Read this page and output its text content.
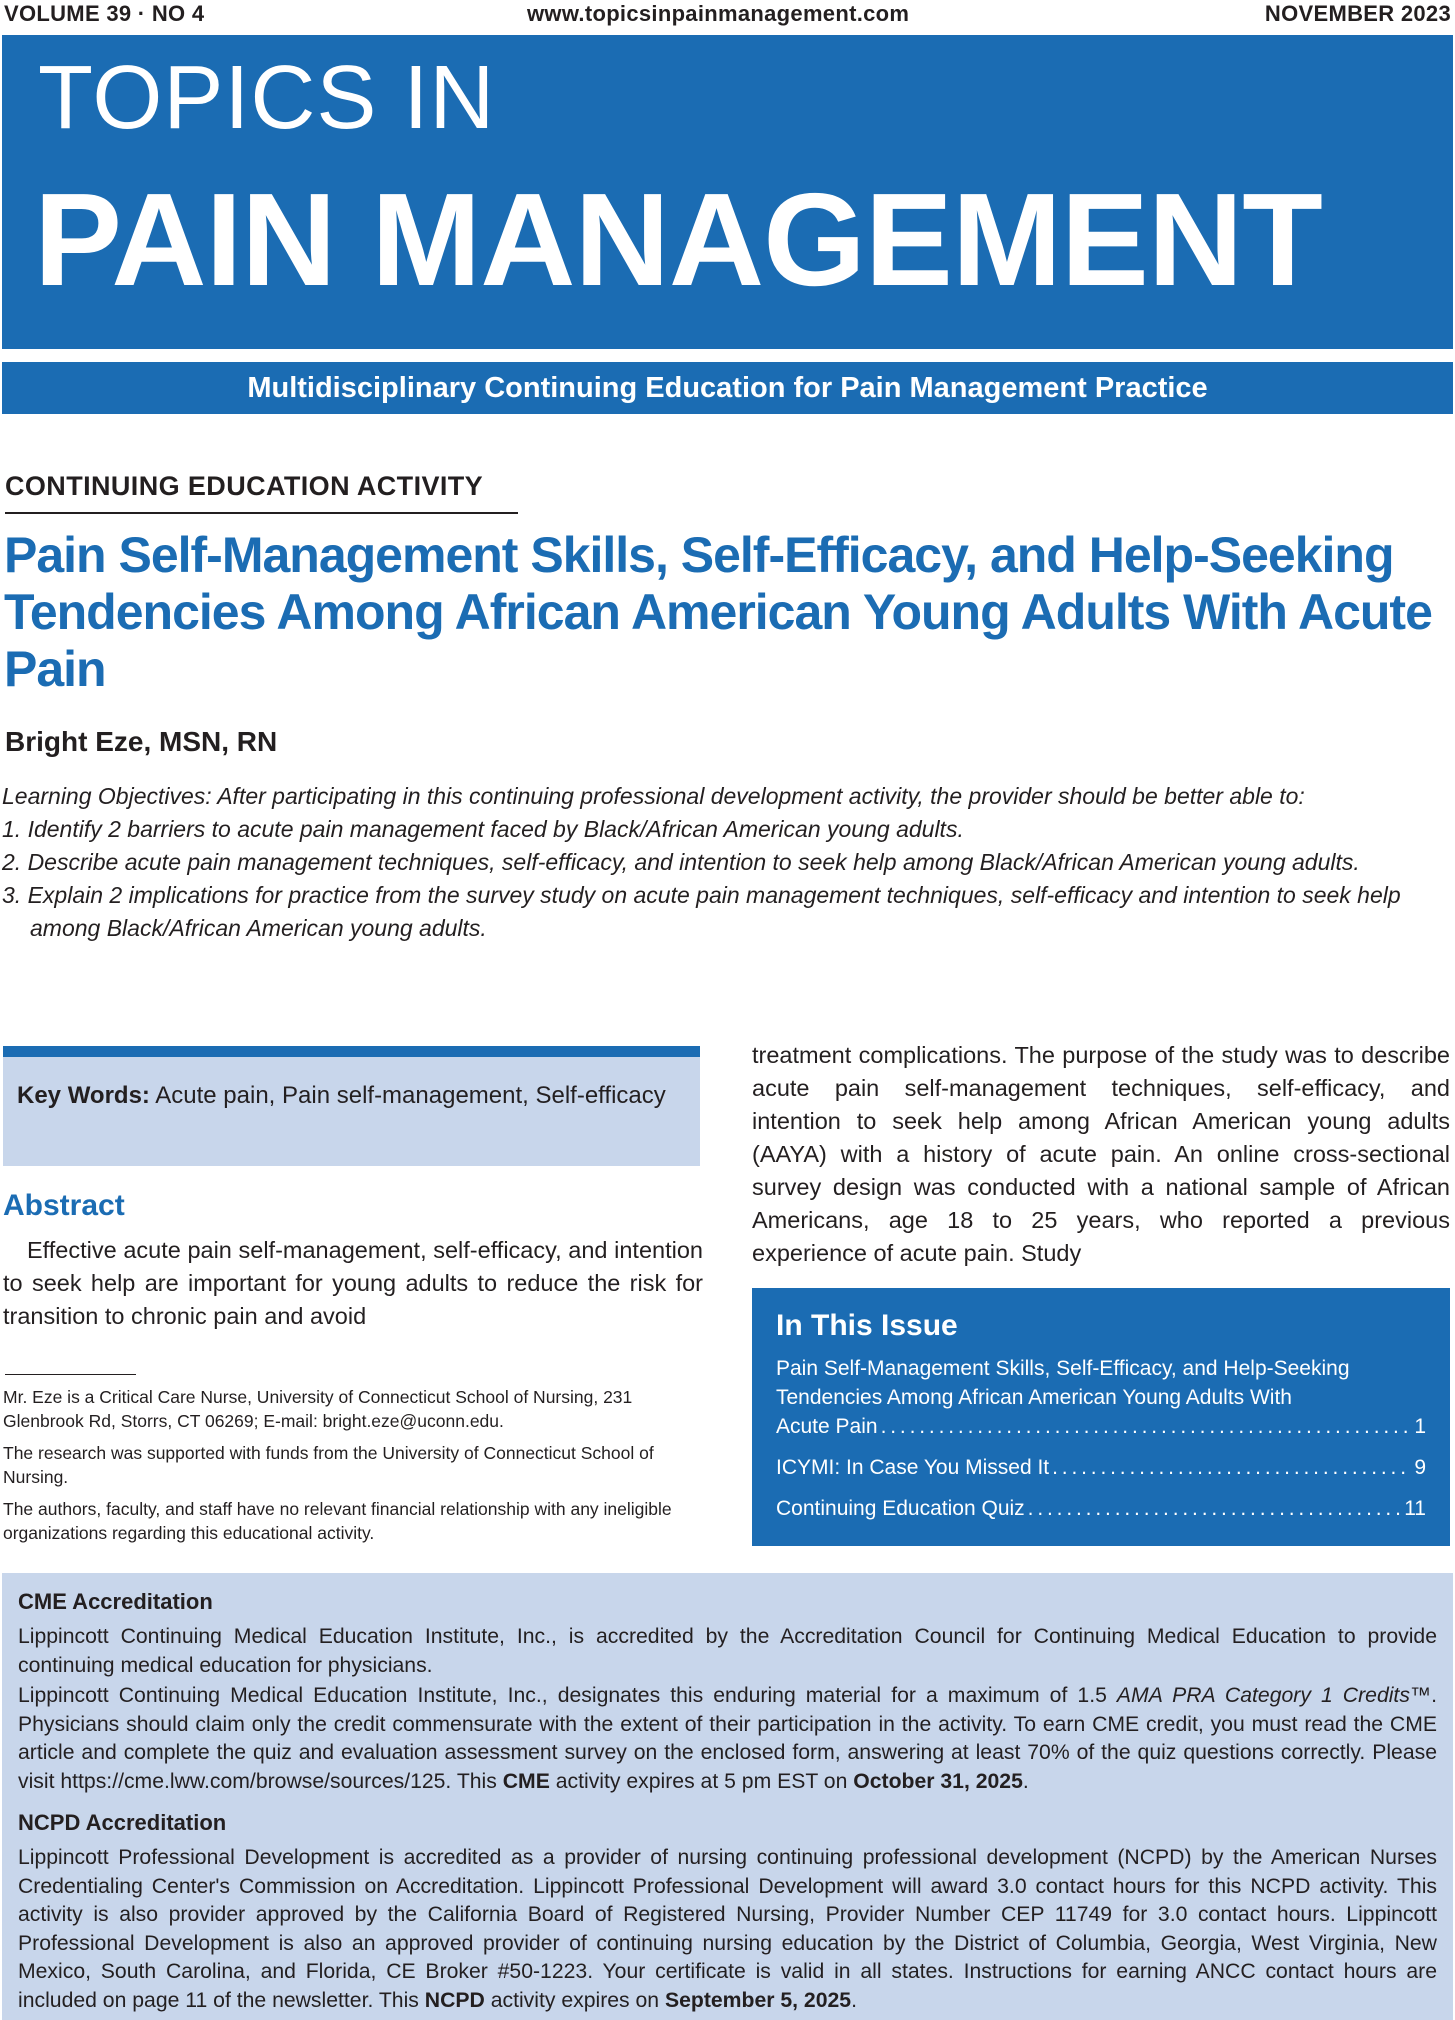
VOLUME 39 · NO 4	www.topicsinpainmanagement.com	NOVEMBER 2023
TOPICS IN
PAIN MANAGEMENT
Multidisciplinary Continuing Education for Pain Management Practice
CONTINUING EDUCATION ACTIVITY
Pain Self-Management Skills, Self-Efficacy, and Help-Seeking Tendencies Among African American Young Adults With Acute Pain
Bright Eze, MSN, RN

Learning Objectives: After participating in this continuing professional development activity, the provider should be better able to:

1. Identify 2 barriers to acute pain management faced by Black/African American young adults.
2. Describe acute pain management techniques, self-efficacy, and intention to seek help among Black/African American young adults.
3. Explain 2 implications for practice from the survey study on acute pain management techniques, self-efficacy and intention to seek help among Black/African American young adults.
Key Words: Acute pain, Pain self-management, Self-efficacy
Abstract

Effective acute pain self-management, self-efficacy, and intention to seek help are important for young adults to reduce the risk for transition to chronic pain and avoid

Mr. Eze is a Critical Care Nurse, University of Connecticut School of Nursing, 231 Glenbrook Rd, Storrs, CT 06269; E-mail: bright.eze@uconn.edu.

The research was supported with funds from the University of Connecticut School of Nursing.

The authors, faculty, and staff have no relevant financial relationship with any ineligible organizations regarding this educational activity.

treatment complications. The purpose of the study was to describe acute pain self-management techniques, self-efficacy, and intention to seek help among African American young adults (AAYA) with a history of acute pain. An online cross-sectional survey design was conducted with a national sample of African Americans, age 18 to 25 years, who reported a previous experience of acute pain. Study

In This Issue
Pain Self-Management Skills, Self-Efficacy, and Help-Seeking Tendencies Among African American Young Adults With
Acute Pain . . .	1
ICYMI: In Case You Missed It . . .	9
Continuing Education Quiz . . .	11
CME Accreditation

Lippincott Continuing Medical Education Institute, Inc., is accredited by the Accreditation Council for Continuing Medical Education to provide continuing medical education for physicians.

Lippincott Continuing Medical Education Institute, Inc., designates this enduring material for a maximum of 1.5 AMA PRA Category 1 Credits™. Physicians should claim only the credit commensurate with the extent of their participation in the activity. To earn CME credit, you must read the CME article and complete the quiz and evaluation assessment survey on the enclosed form, answering at least 70% of the quiz questions correctly. Please visit https://cme.lww.com/browse/sources/125. This CME activity expires at 5 pm EST on October 31, 2025.

NCPD Accreditation

Lippincott Professional Development is accredited as a provider of nursing continuing professional development (NCPD) by the American Nurses Credentialing Center's Commission on Accreditation. Lippincott Professional Development will award 3.0 contact hours for this NCPD activity. This activity is also provider approved by the California Board of Registered Nursing, Provider Number CEP 11749 for 3.0 contact hours. Lippincott Professional Development is also an approved provider of continuing nursing education by the District of Columbia, Georgia, West Virginia, New Mexico, South Carolina, and Florida, CE Broker #50-1223. Your certificate is valid in all states. Instructions for earning ANCC contact hours are included on page 11 of the newsletter. This NCPD activity expires on September 5, 2025.
